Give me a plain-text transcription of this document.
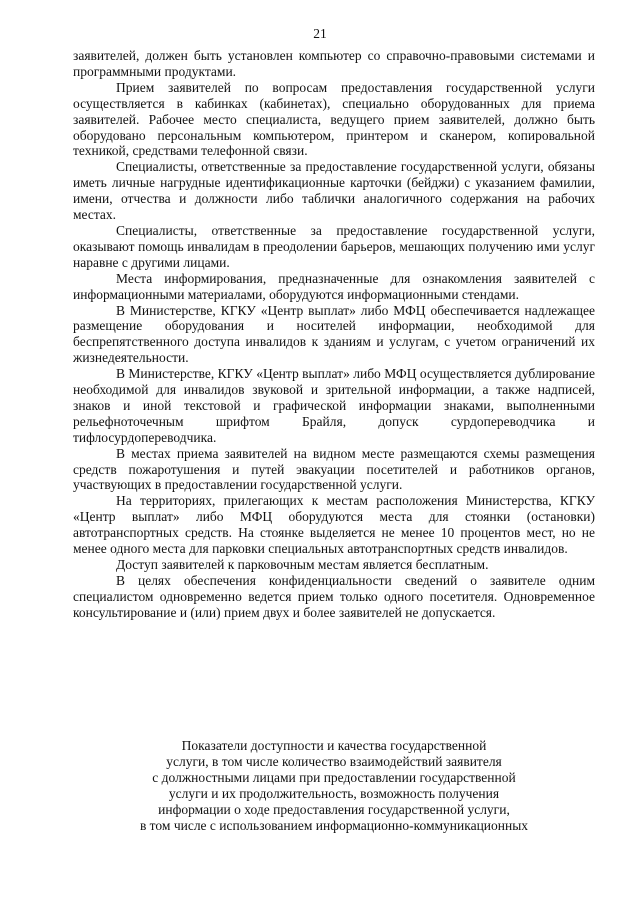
21

заявителей, должен быть установлен компьютер со справочно-правовыми системами и программными продуктами.

Прием заявителей по вопросам предоставления государственной услуги осуществляется в кабинках (кабинетах), специально оборудованных для приема заявителей. Рабочее место специалиста, ведущего прием заявителей, должно быть оборудовано персональным компьютером, принтером и сканером, копировальной техникой, средствами телефонной связи.

Специалисты, ответственные за предоставление государственной услуги, обязаны иметь личные нагрудные идентификационные карточки (бейджи) с указанием фамилии, имени, отчества и должности либо таблички аналогичного содержания на рабочих местах.

Специалисты, ответственные за предоставление государственной услуги, оказывают помощь инвалидам в преодолении барьеров, мешающих получению ими услуг наравне с другими лицами.

Места информирования, предназначенные для ознакомления заявителей с информационными материалами, оборудуются информационными стендами.

В Министерстве, КГКУ «Центр выплат» либо МФЦ обеспечивается надлежащее размещение оборудования и носителей информации, необходимой для беспрепятственного доступа инвалидов к зданиям и услугам, с учетом ограничений их жизнедеятельности.

В Министерстве, КГКУ «Центр выплат» либо МФЦ осуществляется дублирование необходимой для инвалидов звуковой и зрительной информации, а также надписей, знаков и иной текстовой и графической информации знаками, выполненными рельефноточечным шрифтом Брайля, допуск сурдопереводчика и тифлосурдопереводчика.

В местах приема заявителей на видном месте размещаются схемы размещения средств пожаротушения и путей эвакуации посетителей и работников органов, участвующих в предоставлении государственной услуги.

На территориях, прилегающих к местам расположения Министерства, КГКУ «Центр выплат» либо МФЦ оборудуются места для стоянки (остановки) автотранспортных средств. На стоянке выделяется не менее 10 процентов мест, но не менее одного места для парковки специальных автотранспортных средств инвалидов.

Доступ заявителей к парковочным местам является бесплатным.

В целях обеспечения конфиденциальности сведений о заявителе одним специалистом одновременно ведется прием только одного посетителя. Одновременное консультирование и (или) прием двух и более заявителей не допускается.

Показатели доступности и качества государственной
услуги, в том числе количество взаимодействий заявителя
с должностными лицами при предоставлении государственной
услуги и их продолжительность, возможность получения
информации о ходе предоставления государственной услуги,
в том числе с использованием информационно-коммуникационных
